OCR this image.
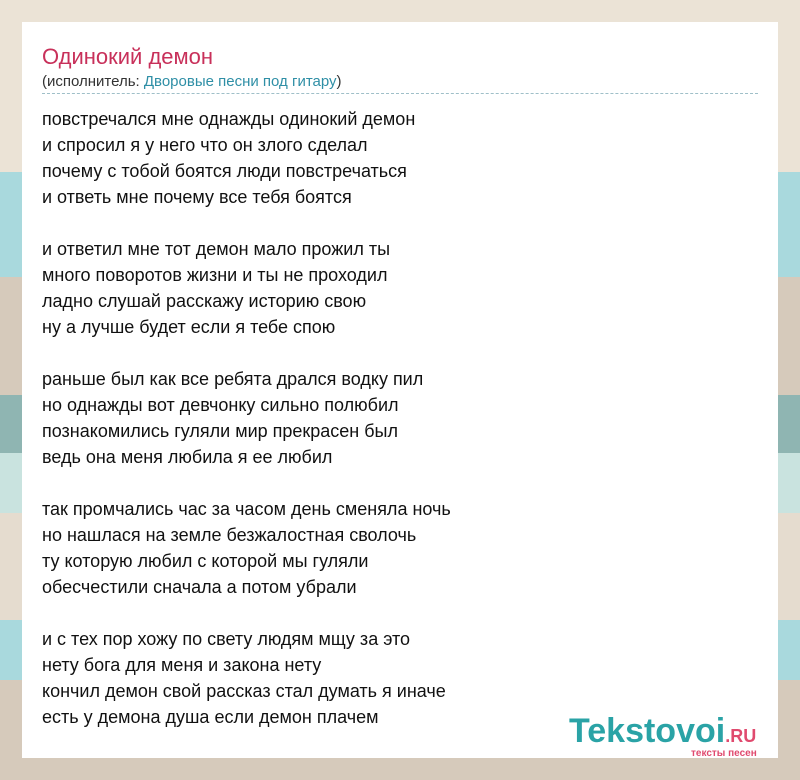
Одинокий демон
(исполнитель: Дворовые песни под гитару)
повстречался мне однажды одинокий демон
и спросил я у него что он злого сделал
почему с тобой боятся люди повстречаться
и ответь мне почему все тебя боятся
и ответил мне тот демон мало прожил ты
много поворотов жизни и ты не проходил
ладно слушай расскажу историю свою
ну а лучше будет если я тебе спою
раньше был как все ребята дрался водку пил
но однажды вот девчонку сильно полюбил
познакомились гуляли мир прекрасен был
ведь она меня любила я ее любил
так промчались час за часом день сменяла ночь
но нашлася на земле безжалостная сволочь
ту которую любил с которой мы гуляли
обесчестили сначала а потом убрали
и с тех пор хожу по свету людям мщу за это
нету бога для меня и закона нету
кончил демон свой рассказ стал думать я иначе
есть у демона душа если демон плачем	Tekstovoi.RU
тексты песен
